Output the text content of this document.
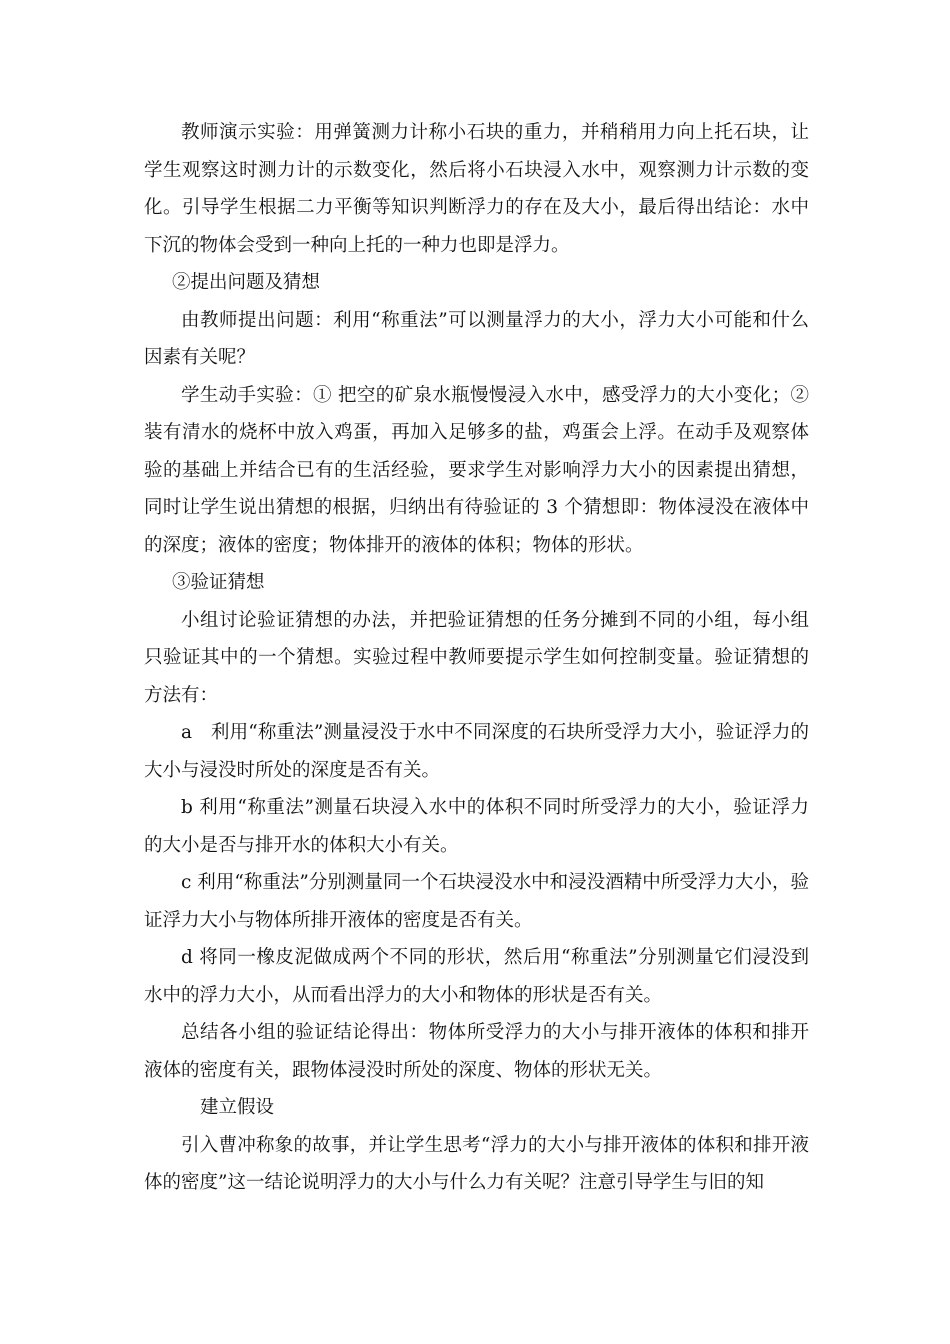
教师演示实验：用弹簧测力计称小石块的重力，并稍稍用力向上托石块，让学生观察这时测力计的示数变化，然后将小石块浸入水中，观察测力计示数的变化。引导学生根据二力平衡等知识判断浮力的存在及大小，最后得出结论：水中下沉的物体会受到一种向上托的一种力也即是浮力。

②提出问题及猜想

由教师提出问题：利用“称重法”可以测量浮力的大小，浮力大小可能和什么因素有关呢？

学生动手实验：① 把空的矿泉水瓶慢慢浸入水中，感受浮力的大小变化；② 装有清水的烧杯中放入鸡蛋，再加入足够多的盐，鸡蛋会上浮。在动手及观察体验的基础上并结合已有的生活经验，要求学生对影响浮力大小的因素提出猜想，同时让学生说出猜想的根据，归纳出有待验证的 3 个猜想即：物体浸没在液体中的深度；液体的密度；物体排开的液体的体积；物体的形状。

③验证猜想

小组讨论验证猜想的办法，并把验证猜想的任务分摊到不同的小组，每小组只验证其中的一个猜想。实验过程中教师要提示学生如何控制变量。验证猜想的方法有：

a　利用“称重法”测量浸没于水中不同深度的石块所受浮力大小，验证浮力的大小与浸没时所处的深度是否有关。

b 利用“称重法”测量石块浸入水中的体积不同时所受浮力的大小，验证浮力的大小是否与排开水的体积大小有关。

c 利用“称重法”分别测量同一个石块浸没水中和浸没酒精中所受浮力大小，验证浮力大小与物体所排开液体的密度是否有关。

d 将同一橡皮泥做成两个不同的形状，然后用“称重法”分别测量它们浸没到水中的浮力大小，从而看出浮力的大小和物体的形状是否有关。

总结各小组的验证结论得出：物体所受浮力的大小与排开液体的体积和排开液体的密度有关，跟物体浸没时所处的深度、物体的形状无关。

建立假设

引入曹冲称象的故事，并让学生思考“浮力的大小与排开液体的体积和排开液体的密度”这一结论说明浮力的大小与什么力有关呢？注意引导学生与旧的知
